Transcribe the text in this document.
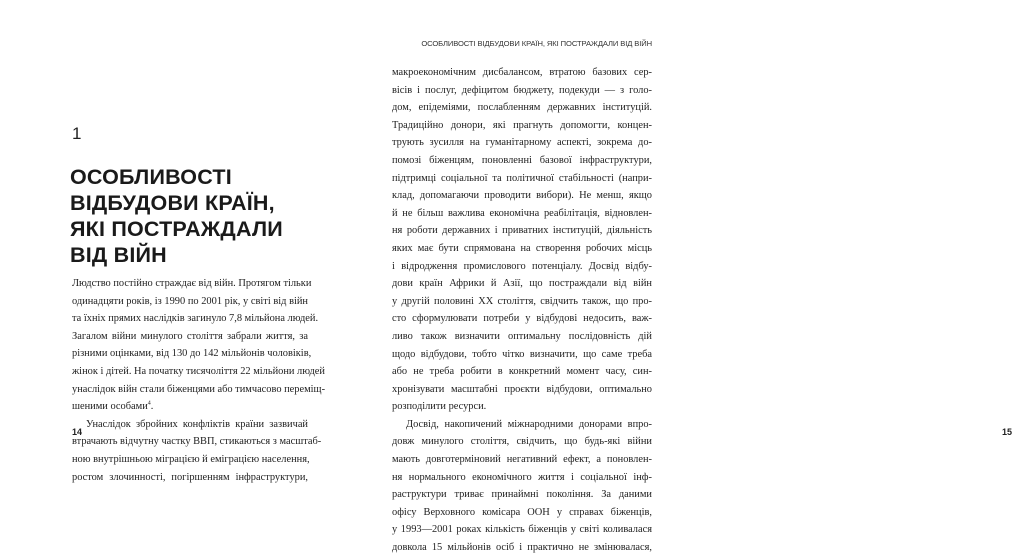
1
ОСОБЛИВОСТІ
ВІДБУДОВИ КРАЇН,
ЯКІ ПОСТРАЖДАЛИ
ВІД ВІЙН
Людство постійно страждає від війн. Протягом тільки
одинадцяти років, із 1990 по 2001 рік, у світі від війн
та їхніх прямих наслідків загинуло 7,8 мільйона людей.
Загалом війни минулого століття забрали життя, за
різними оцінками, від 130 до 142 мільйонів чоловіків,
жінок і дітей. На початку тисячоліття 22 мільйони людей
унаслідок війн стали біженцями або тимчасово переміщ-
шеними особами$^4$.
Унаслідок збройних конфліктів країни зазвичай
втрачають відчутну частку ВВП, стикаються з масштаб-
ною внутрішньою міграцією й еміграцією населення,
ростом злочинності, погіршенням інфраструктури,
14
ОСОБЛИВОСТІ ВІДБУДОВИ КРАЇН, ЯКІ ПОСТРАЖДАЛИ ВІД ВІЙН
15
макроекономічним дисбалансом, втратою базових сер-
вісів і послуг, дефіцитом бюджету, подекуди — з голо-
дом, епідеміями, послабленням державних інституцій.
Традиційно донори, які прагнуть допомогти, концен-
трують зусилля на гуманітарному аспекті, зокрема до-
помозі біженцям, поновленні базової інфраструктури,
підтримці соціальної та політичної стабільності (напри-
клад, допомагаючи проводити вибори). Не менш, якщо
й не більш важлива економічна реабілітація, відновлен-
ня роботи державних і приватних інституцій, діяльність
яких має бути спрямована на створення робочих місць
і відродження промислового потенціалу. Досвід відбу-
дови країн Африки й Азії, що постраждали від війн
у другій половині ХХ століття, свідчить також, що про-
сто сформулювати потреби у відбудові недосить, важ-
ливо також визначити оптимальну послідовність дій
щодо відбудови, тобто чітко визначити, що саме треба
або не треба робити в конкретний момент часу, син-
хронізувати масштабні проєкти відбудови, оптимально
розподілити ресурси.
Досвід, накопичений міжнародними донорами впро-
довж минулого століття, свідчить, що будь-які війни
мають довготерміновий негативний ефект, а поновлен-
ня нормального економічного життя і соціальної інф-
раструктури триває принаймні покоління. За даними
офісу Верховного комісара ООН у справах біженців,
у 1993—2001 роках кількість біженців у світі коливалася
довкола 15 мільйонів осіб і практично не змінювалася,
